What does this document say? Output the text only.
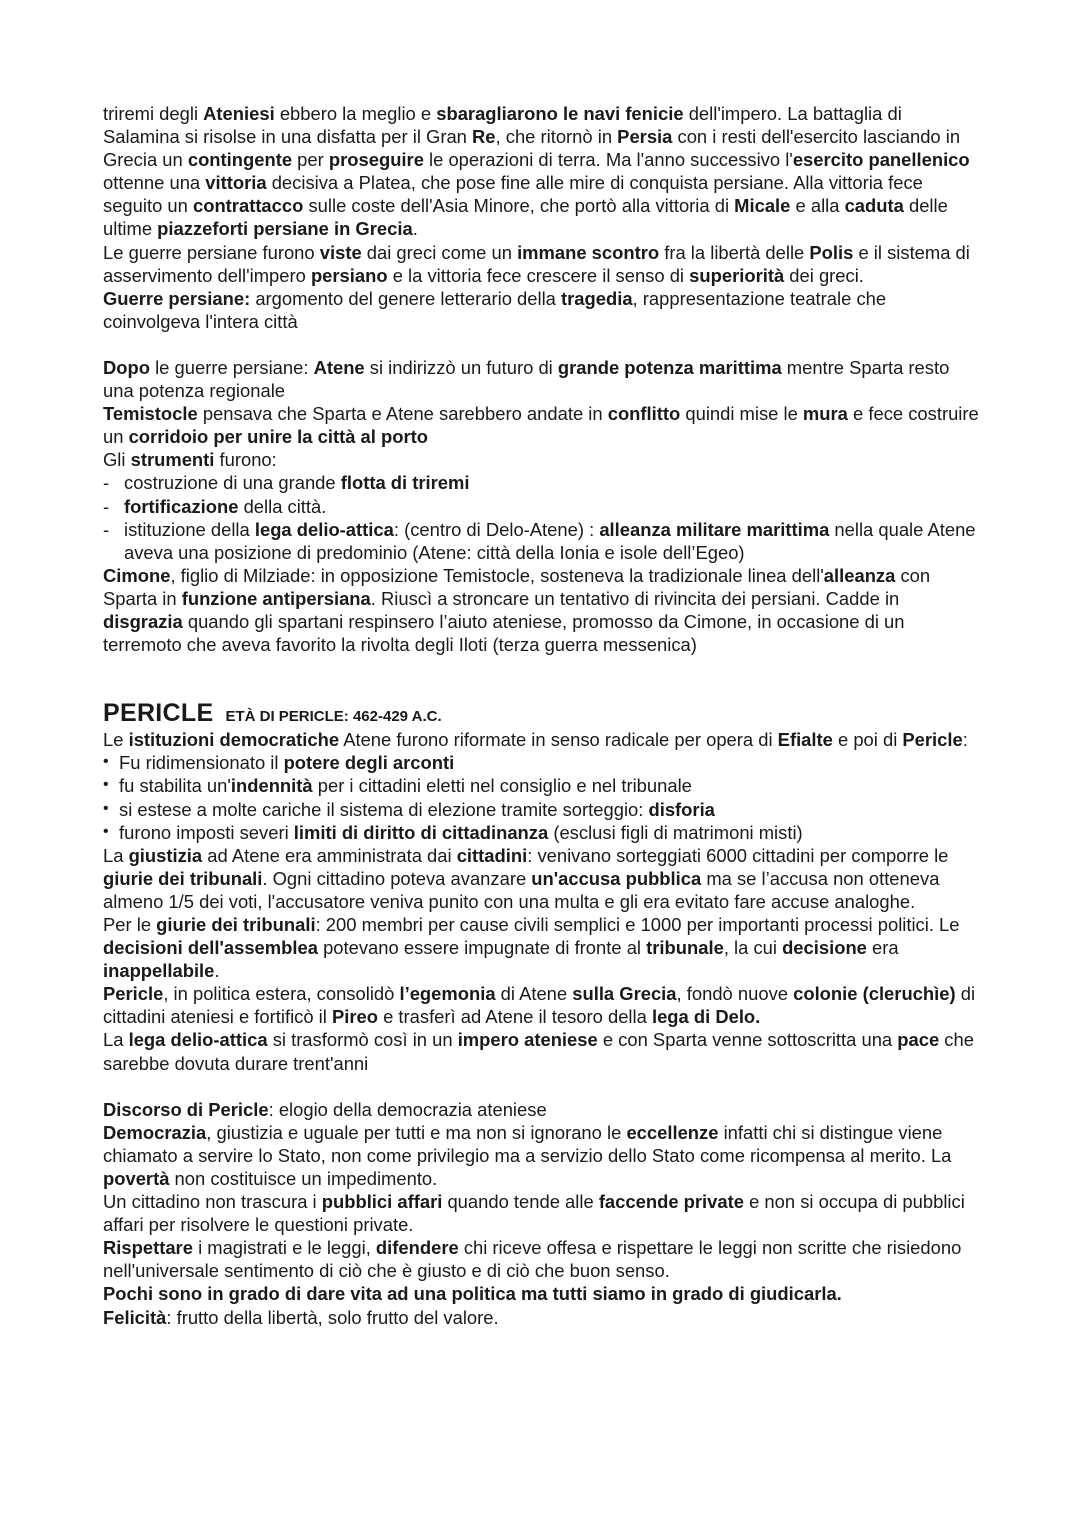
triremi degli Ateniesi ebbero la meglio e sbaragliarono le navi fenicie dell'impero. La battaglia di Salamina si risolse in una disfatta per il Gran Re, che ritornò in Persia con i resti dell'esercito lasciando in Grecia un contingente per proseguire le operazioni di terra. Ma l'anno successivo l'esercito panellenico ottenne una vittoria decisiva a Platea, che pose fine alle mire di conquista persiane. Alla vittoria fece seguito un contrattacco sulle coste dell'Asia Minore, che portò alla vittoria di Micale e alla caduta delle ultime piazzeforti persiane in Grecia.

Le guerre persiane furono viste dai greci come un immane scontro fra la libertà delle Polis e il sistema di asservimento dell'impero persiano e la vittoria fece crescere il senso di superiorità dei greci.

Guerre persiane: argomento del genere letterario della tragedia, rappresentazione teatrale che coinvolgeva l'intera città

Dopo le guerre persiane: Atene si indirizzò un futuro di grande potenza marittima mentre Sparta resto una potenza regionale

Temistocle pensava che Sparta e Atene sarebbero andate in conflitto quindi mise le mura e fece costruire un corridoio per unire la città al porto

Gli strumenti furono:

- costruzione di una grande flotta di triremi
- fortificazione della città.
- istituzione della lega delio-attica: (centro di Delo-Atene) : alleanza militare marittima nella quale Atene aveva una posizione di predominio (Atene: città della Ionia e isole dell’Egeo)

Cimone, figlio di Milziade: in opposizione Temistocle, sosteneva la tradizionale linea dell'alleanza con Sparta in funzione antipersiana. Riuscì a stroncare un tentativo di rivincita dei persiani. Cadde in disgrazia quando gli spartani respinsero l’aiuto ateniese, promosso da Cimone, in occasione di un terremoto che aveva favorito la rivolta degli Iloti (terza guerra messenica)

PERICLE ETÀ DI PERICLE: 462-429 A.C.

Le istituzioni democratiche Atene furono riformate in senso radicale per opera di Efialte e poi di Pericle:

• Fu ridimensionato il potere degli arconti
• fu stabilita un'indennità per i cittadini eletti nel consiglio e nel tribunale
• si estese a molte cariche il sistema di elezione tramite sorteggio: disforia
• furono imposti severi limiti di diritto di cittadinanza (esclusi figli di matrimoni misti)

La giustizia ad Atene era amministrata dai cittadini: venivano sorteggiati 6000 cittadini per comporre le giurie dei tribunali. Ogni cittadino poteva avanzare un'accusa pubblica ma se l’accusa non otteneva almeno 1/5 dei voti, l'accusatore veniva punito con una multa e gli era evitato fare accuse analoghe.

Per le giurie dei tribunali: 200 membri per cause civili semplici e 1000 per importanti processi politici. Le decisioni dell'assemblea potevano essere impugnate di fronte al tribunale, la cui decisione era inappellabile.

Pericle, in politica estera, consolidò l’egemonia di Atene sulla Grecia, fondò nuove colonie (cleruchìe) di cittadini ateniesi e fortificò il Pireo e trasferì ad Atene il tesoro della lega di Delo.

La lega delio-attica si trasformò così in un impero ateniese e con Sparta venne sottoscritta una pace che sarebbe dovuta durare trent'anni

Discorso di Pericle: elogio della democrazia ateniese

Democrazia, giustizia e uguale per tutti e ma non si ignorano le eccellenze infatti chi si distingue viene chiamato a servire lo Stato, non come privilegio ma a servizio dello Stato come ricompensa al merito. La povertà non costituisce un impedimento.

Un cittadino non trascura i pubblici affari quando tende alle faccende private e non si occupa di pubblici affari per risolvere le questioni private.

Rispettare i magistrati e le leggi, difendere chi riceve offesa e rispettare le leggi non scritte che risiedono nell'universale sentimento di ciò che è giusto e di ciò che buon senso.

Pochi sono in grado di dare vita ad una politica ma tutti siamo in grado di giudicarla.

Felicità: frutto della libertà, solo frutto del valore.
